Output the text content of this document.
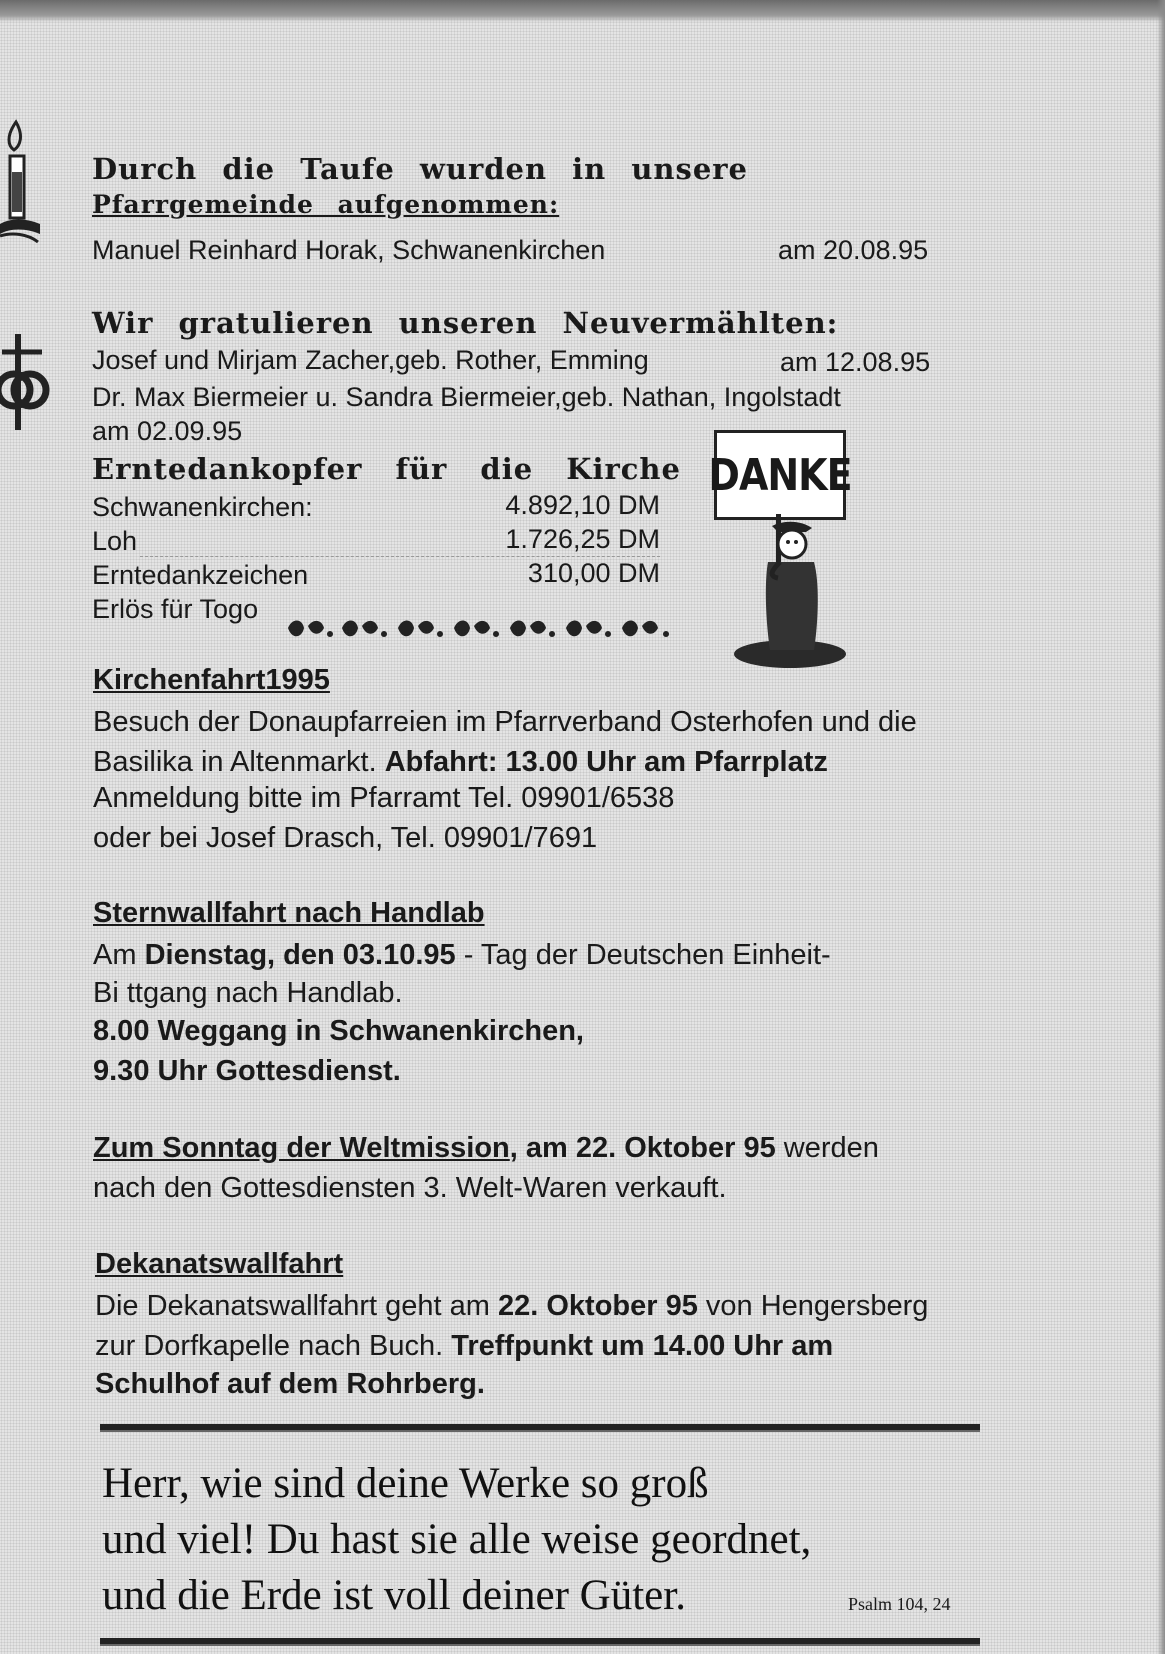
Durch die Taufe wurden in unsere
Pfarrgemeinde aufgenommen:
Manuel Reinhard Horak, Schwanenkirchen	am 20.08.95
Wir gratulieren unseren Neuvermählten:
Josef und Mirjam Zacher,geb. Rother, Emming	am 12.08.95
Dr. Max Biermeier u. Sandra Biermeier,geb. Nathan, Ingolstadt
am 02.09.95
Erntedankopfer für die Kirche
Schwanenkirchen:	4.892,10 DM
Loh	1.726,25 DM
Erntedankzeichen	310,00 DM
Erlös für Togo
DANKE
Kirchenfahrt1995
Besuch der Donaupfarreien im Pfarrverband Osterhofen und die
Basilika in Altenmarkt. Abfahrt: 13.00 Uhr am Pfarrplatz
Anmeldung bitte im Pfarramt Tel. 09901/6538
oder bei Josef Drasch, Tel. 09901/7691
Sternwallfahrt nach Handlab
Am Dienstag, den 03.10.95 - Tag der Deutschen Einheit-
Bi ttgang nach Handlab.
8.00 Weggang in Schwanenkirchen,
9.30 Uhr Gottesdienst.
Zum Sonntag der Weltmission, am 22. Oktober 95 werden
nach den Gottesdiensten 3. Welt-Waren verkauft.
Dekanatswallfahrt
Die Dekanatswallfahrt geht am 22. Oktober 95 von Hengersberg
zur Dorfkapelle nach Buch. Treffpunkt um 14.00 Uhr am
Schulhof auf dem Rohrberg.
Herr, wie sind deine Werke so groß
und viel! Du hast sie alle weise geordnet,
und die Erde ist voll deiner Güter.	Psalm 104, 24
